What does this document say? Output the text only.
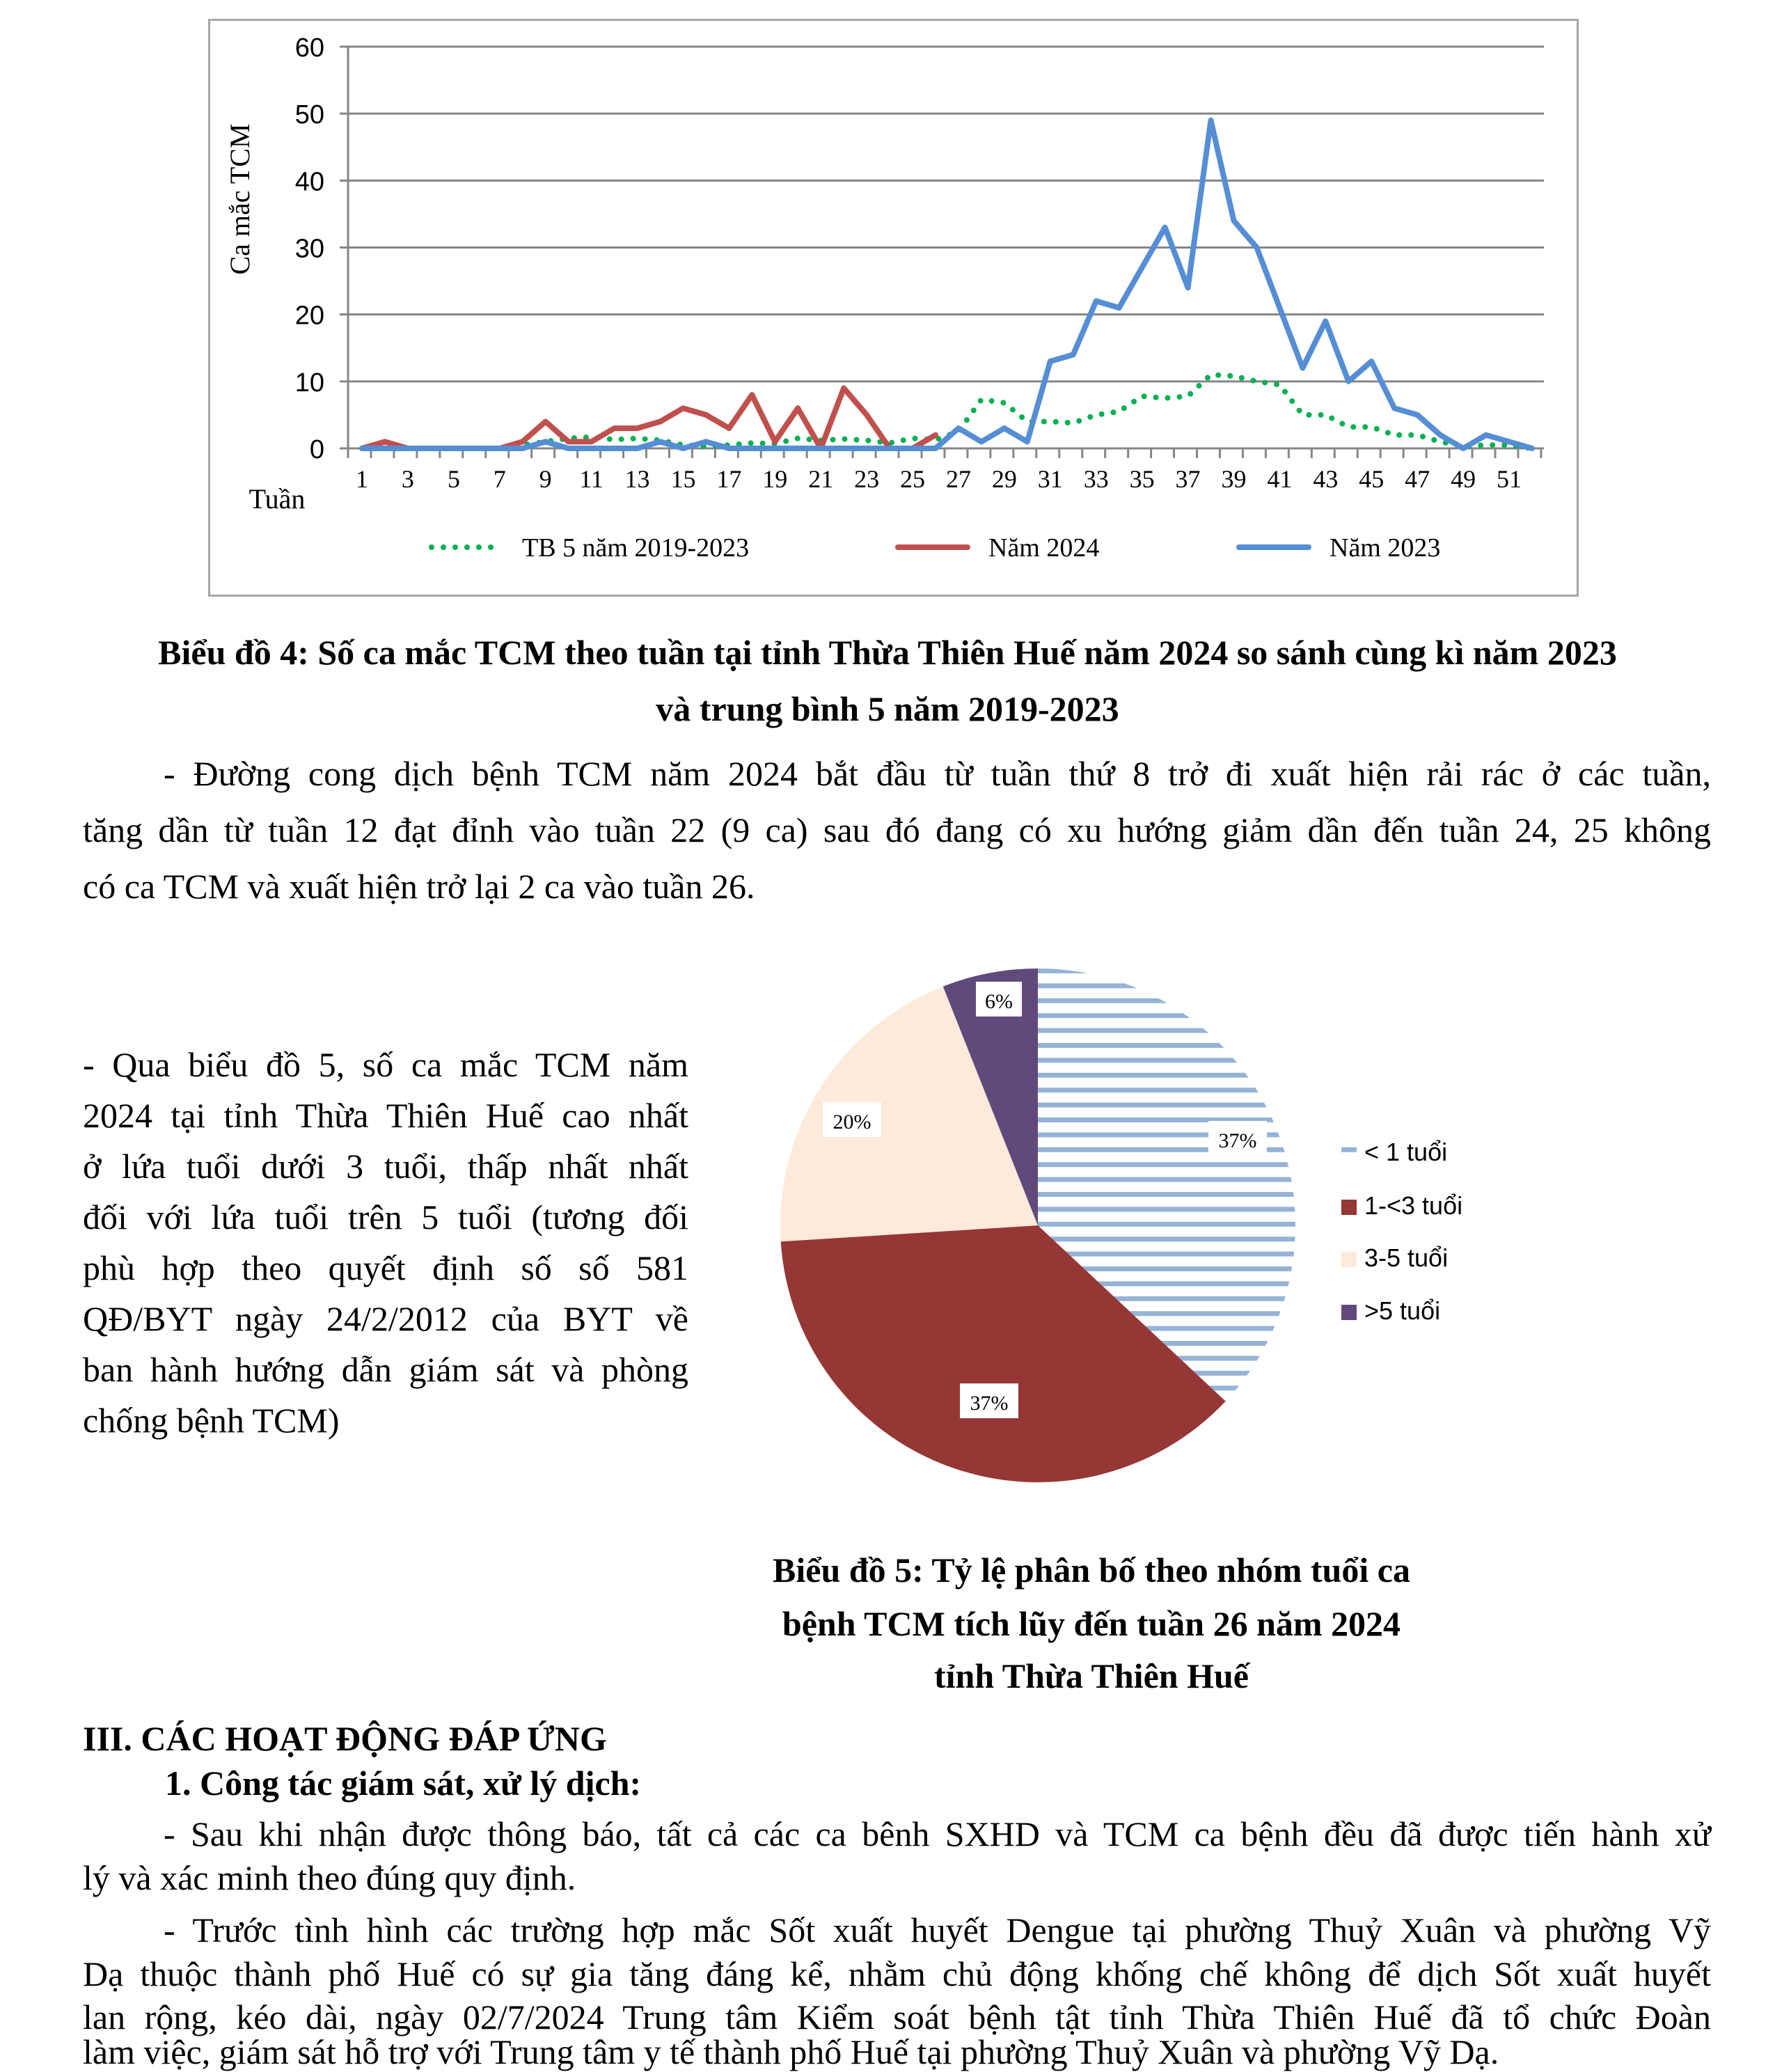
0
10
20
30
40
50
60
1 3 5 7 9 11 13 15 17 19 21 23 25 27 29 31 33 35 37 39 41 43 45 47 49 51
Ca mắc TCM
Tuần
TB 5 năm 2019-2023	Năm 2024	Năm 2023
Biểu đồ 4: Số ca mắc TCM theo tuần tại tỉnh Thừa Thiên Huế năm 2024 so sánh cùng kì năm 2023
và trung bình 5 năm 2019-2023
- Đường cong dịch bệnh TCM năm 2024 bắt đầu từ tuần thứ 8 trở đi xuất hiện rải rác ở các tuần,
tăng dần từ tuần 12 đạt đỉnh vào tuần 22 (9 ca) sau đó đang có xu hướng giảm dần đến tuần 24, 25 không
có ca TCM và xuất hiện trở lại 2 ca vào tuần 26.
- Qua biểu đồ 5, số ca mắc TCM năm
2024 tại tỉnh Thừa Thiên Huế cao nhất
ở lứa tuổi dưới 3 tuổi, thấp nhất nhất
đối với lứa tuổi trên 5 tuổi (tương đối
phù hợp theo quyết định số số 581
QĐ/BYT ngày 24/2/2012 của BYT về
ban hành hướng dẫn giám sát và phòng
chống bệnh TCM)
37%
37%
20%
6%
< 1 tuổi
1-<3 tuổi
3-5 tuổi
>5 tuổi
Biểu đồ 5: Tỷ lệ phân bố theo nhóm tuổi ca
bệnh TCM tích lũy đến tuần 26 năm 2024
tỉnh Thừa Thiên Huế
III. CÁC HOẠT ĐỘNG ĐÁP ỨNG
1. Công tác giám sát, xử lý dịch:
- Sau khi nhận được thông báo, tất cả các ca bênh SXHD và TCM ca bệnh đều đã được tiến hành xử
lý và xác minh theo đúng quy định.
- Trước tình hình các trường hợp mắc Sốt xuất huyết Dengue tại phường Thuỷ Xuân và phường Vỹ
Dạ thuộc thành phố Huế có sự gia tăng đáng kể, nhằm chủ động khống chế không để dịch Sốt xuất huyết
lan rộng, kéo dài, ngày 02/7/2024 Trung tâm Kiểm soát bệnh tật tỉnh Thừa Thiên Huế đã tổ chức Đoàn
làm việc, giám sát hỗ trợ với Trung tâm y tế thành phố Huế tại phường Thuỷ Xuân và phường Vỹ Dạ.
